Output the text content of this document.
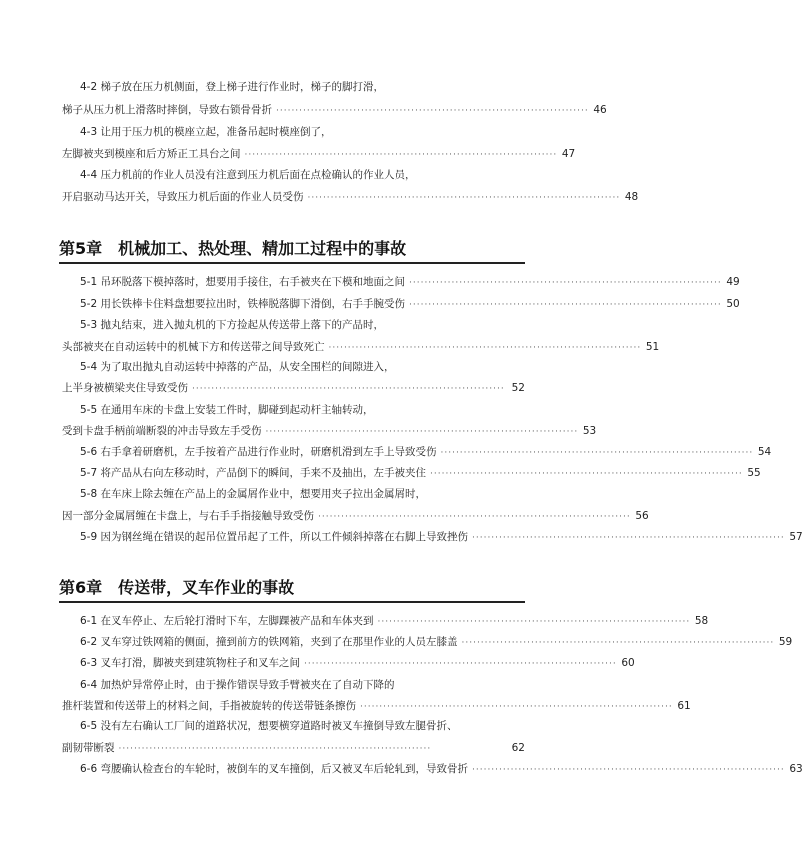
4-2 梯子放在压力机侧面，登上梯子进行作业时，梯子的脚打滑，
梯子从压力机上滑落时摔倒，导致右锁骨骨折 ················································································· 46
4-3 让用于压力机的模座立起，准备吊起时模座倒了，
左脚被夹到模座和后方矫正工具台之间 ················································································· 47
4-4 压力机前的作业人员没有注意到压力机后面在点检确认的作业人员，
开启驱动马达开关，导致压力机后面的作业人员受伤 ················································································· 48
第5章　机械加工、热处理、精加工过程中的事故
5-1 吊环脱落下模掉落时，想要用手接住，右手被夹在下模和地面之间 ················································································· 49
5-2 用长铁棒卡住料盘想要拉出时，铁棒脱落脚下滑倒，右手手腕受伤 ················································································· 50
5-3 抛丸结束，进入抛丸机的下方捡起从传送带上落下的产品时，
头部被夹在自动运转中的机械下方和传送带之间导致死亡 ················································································· 51
5-4 为了取出抛丸自动运转中掉落的产品，从安全围栏的间隙进入，
上半身被横梁夹住导致受伤 ················································································· 52
5-5 在通用车床的卡盘上安装工件时，脚碰到起动杆主轴转动，
受到卡盘手柄前端断裂的冲击导致左手受伤 ················································································· 53
5-6 右手拿着研磨机，左手按着产品进行作业时，研磨机滑到左手上导致受伤 ················································································· 54
5-7 将产品从右向左移动时，产品倒下的瞬间，手来不及抽出，左手被夹住 ················································································· 55
5-8 在车床上除去缠在产品上的金属屑作业中，想要用夹子拉出金属屑时，
因一部分金属屑缠在卡盘上，与右手手指接触导致受伤 ················································································· 56
5-9 因为钢丝绳在错误的起吊位置吊起了工件，所以工件倾斜掉落在右脚上导致挫伤 ················································································· 57
第6章　传送带，叉车作业的事故
6-1 在叉车停止、左后轮打滑时下车，左脚踝被产品和车体夹到 ················································································· 58
6-2 叉车穿过铁网箱的侧面，撞到前方的铁网箱，夹到了在那里作业的人员左膝盖 ················································································· 59
6-3 叉车打滑，脚被夹到建筑物柱子和叉车之间 ················································································· 60
6-4 加热炉异常停止时，由于操作错误导致手臂被夹在了自动下降的
推杆装置和传送带上的材料之间，手指被旋转的传送带链条擦伤 ················································································· 61
6-5 没有左右确认工厂间的道路状况，想要横穿道路时被叉车撞倒导致左腿骨折、
副韧带断裂 ·················································································	62
6-6 弯腰确认检查台的车轮时，被倒车的叉车撞倒，后又被叉车后轮轧到，导致骨折 ················································································· 63
